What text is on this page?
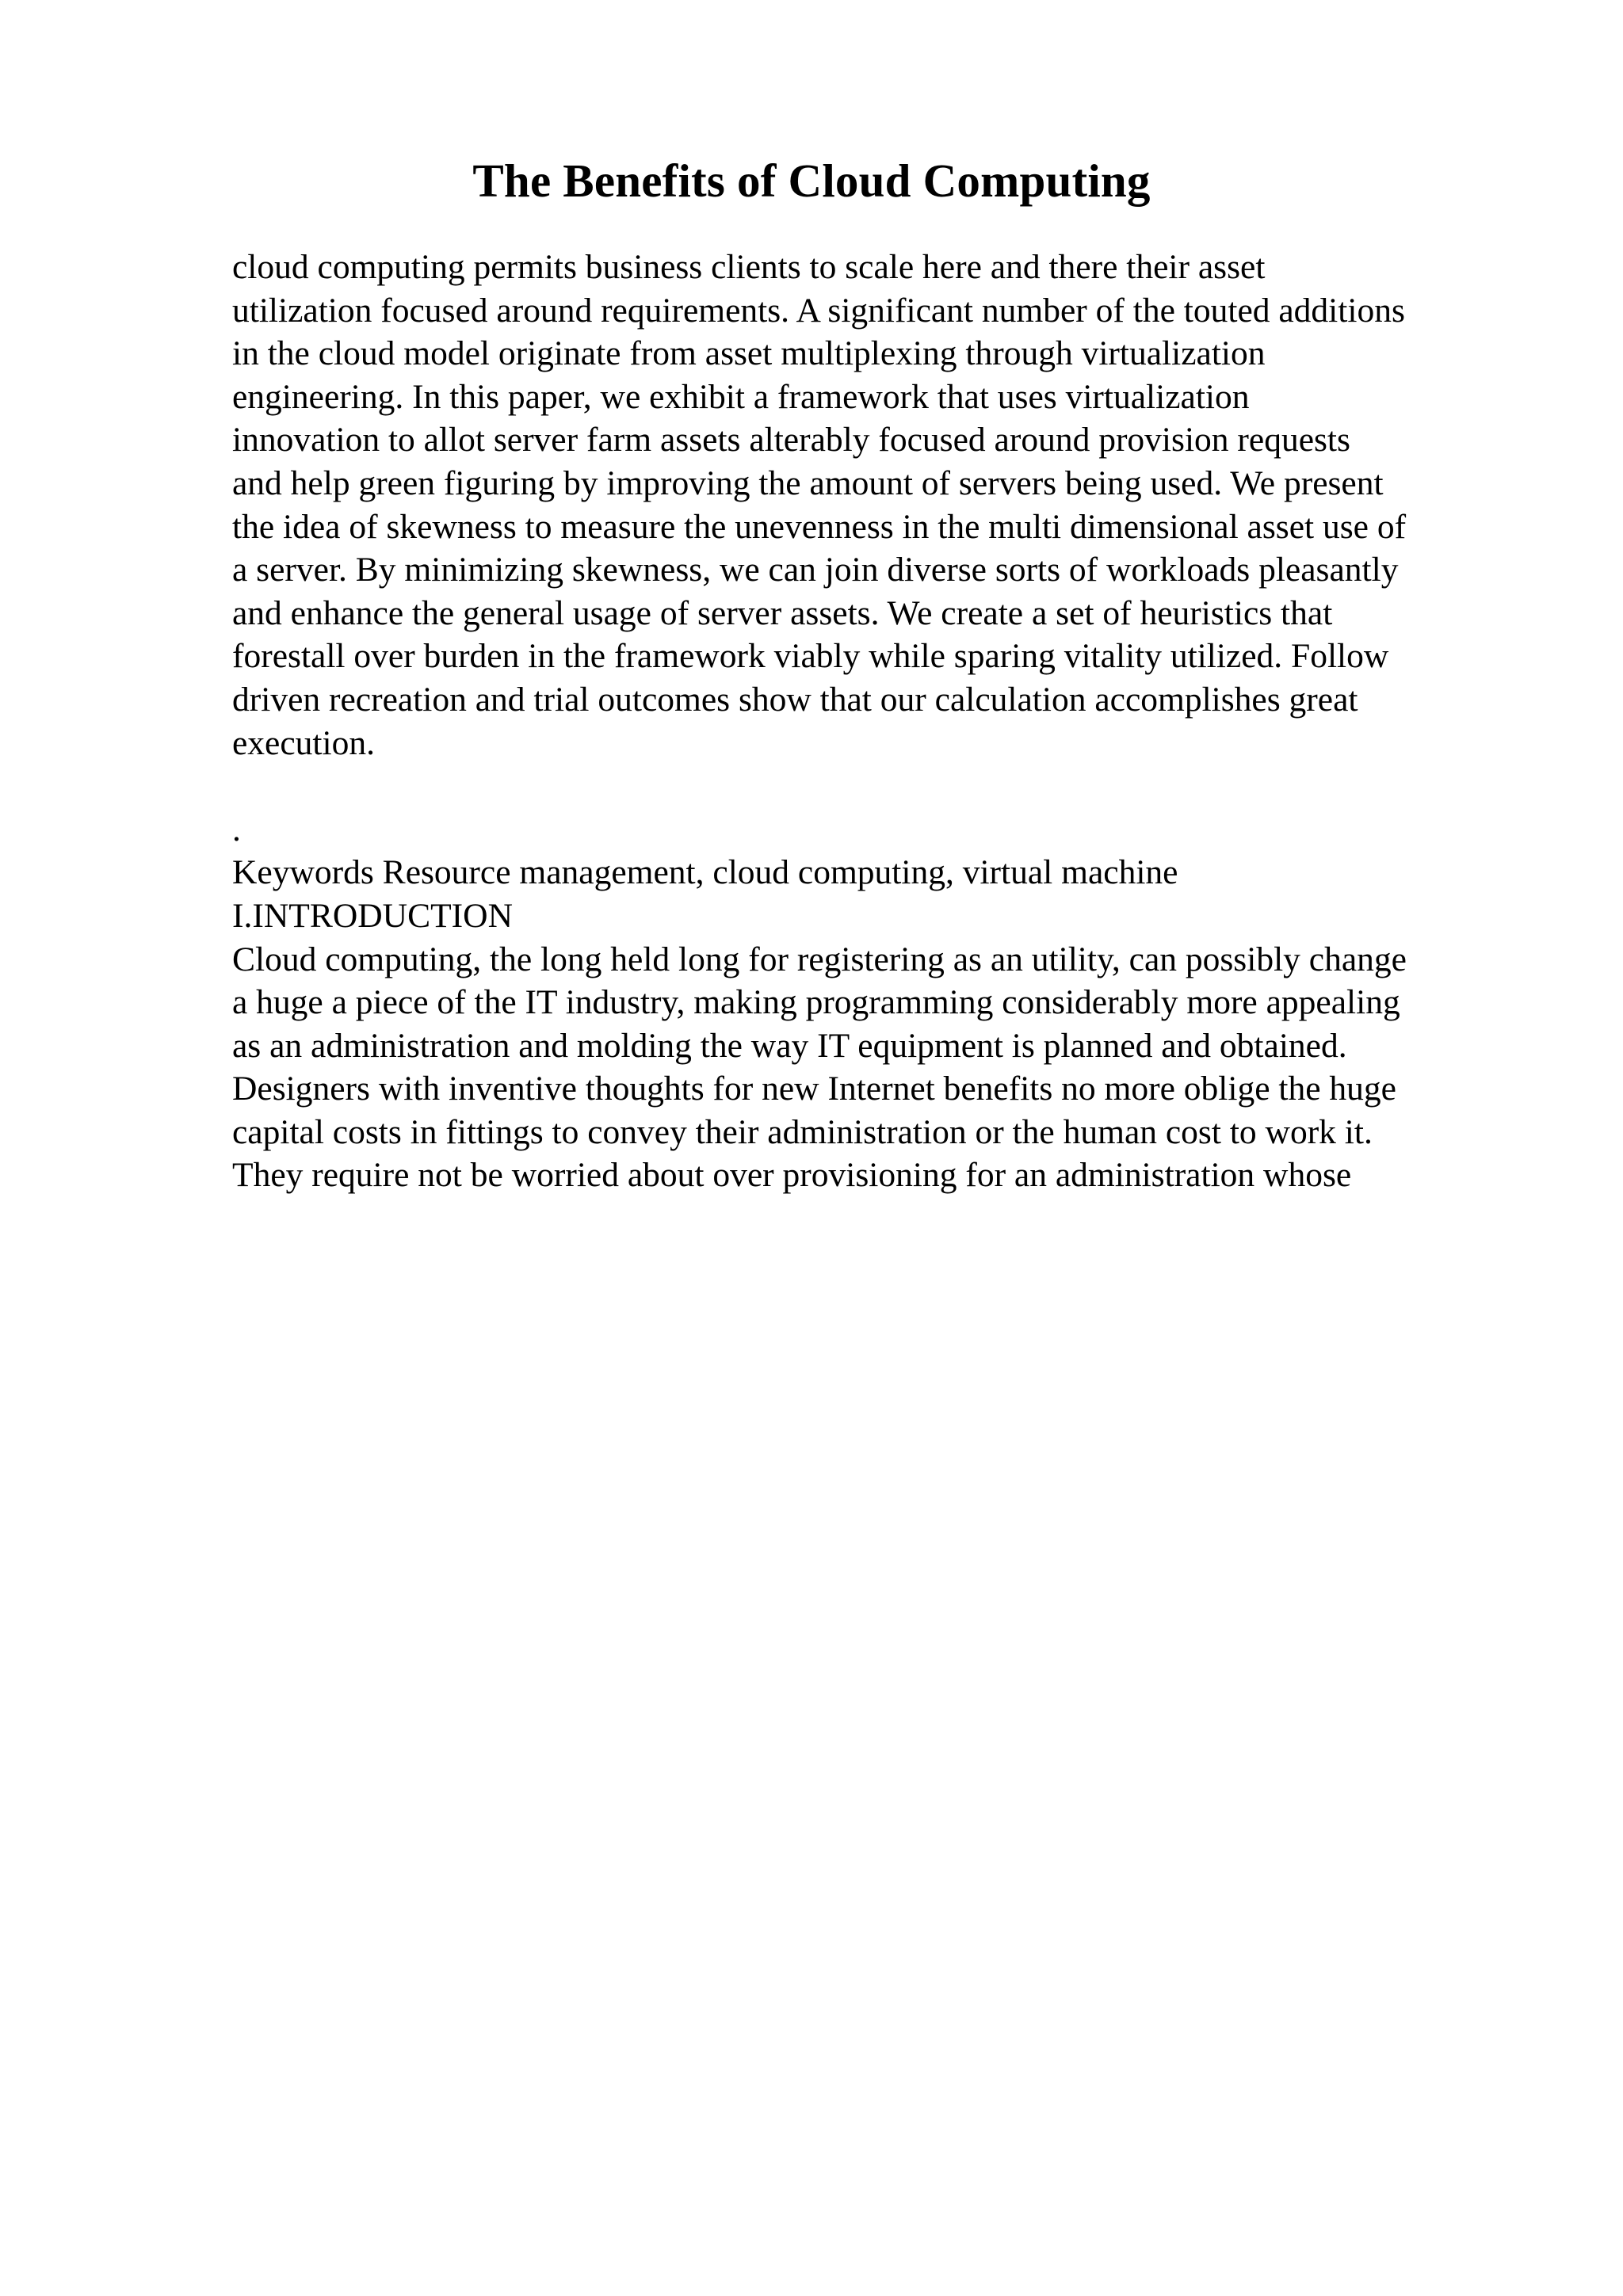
The Benefits of Cloud Computing
cloud computing permits business clients to scale here and there their asset
utilization focused around requirements. A significant number of the touted additions
in the cloud model originate from asset multiplexing through virtualization
engineering. In this paper, we exhibit a framework that uses virtualization
innovation to allot server farm assets alterably focused around provision requests
and help green figuring by improving the amount of servers being used. We present
the idea of skewness to measure the unevenness in the multi dimensional asset use of
a server. By minimizing skewness, we can join diverse sorts of workloads pleasantly
and enhance the general usage of server assets. We create a set of heuristics that
forestall over burden in the framework viably while sparing vitality utilized. Follow
driven recreation and trial outcomes show that our calculation accomplishes great
execution.
.
Keywords Resource management, cloud computing, virtual machine
I.INTRODUCTION
Cloud computing, the long held long for registering as an utility, can possibly change
a huge a piece of the IT industry, making programming considerably more appealing
as an administration and molding the way IT equipment is planned and obtained.
Designers with inventive thoughts for new Internet benefits no more oblige the huge
capital costs in fittings to convey their administration or the human cost to work it.
They require not be worried about over provisioning for an administration whose
